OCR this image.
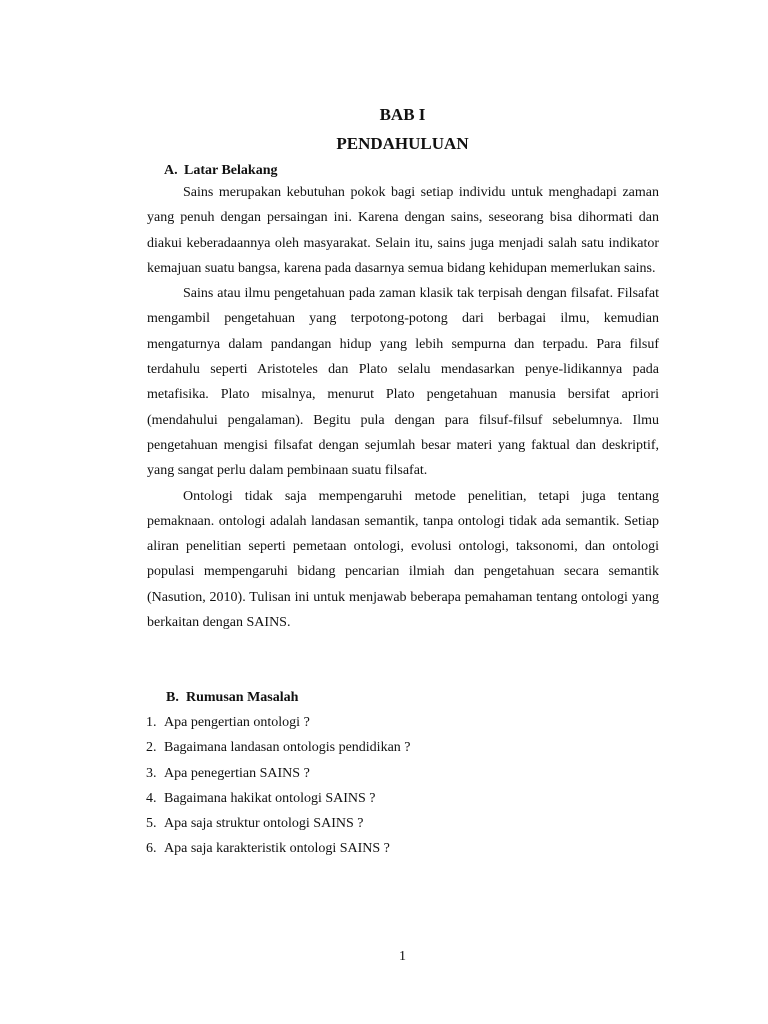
BAB I
PENDAHULUAN
A. Latar Belakang

Sains merupakan kebutuhan pokok bagi setiap individu untuk menghadapi zaman yang penuh dengan persaingan ini. Karena dengan sains, seseorang bisa dihormati dan diakui keberadaannya oleh masyarakat. Selain itu, sains juga menjadi salah satu indikator kemajuan suatu bangsa, karena pada dasarnya semua bidang kehidupan memerlukan sains.

Sains atau ilmu pengetahuan pada zaman klasik tak terpisah dengan filsafat. Filsafat mengambil pengetahuan yang terpotong-potong dari berbagai ilmu, kemudian mengaturnya dalam pandangan hidup yang lebih sempurna dan terpadu. Para filsuf terdahulu seperti Aristoteles dan Plato selalu mendasarkan penye-lidikannya pada metafisika. Plato misalnya, menurut Plato pengetahuan manusia bersifat apriori (mendahului pengalaman). Begitu pula dengan para filsuf-filsuf sebelumnya. Ilmu pengetahuan mengisi filsafat dengan sejumlah besar materi yang faktual dan deskriptif, yang sangat perlu dalam pembinaan suatu filsafat.

Ontologi tidak saja mempengaruhi metode penelitian, tetapi juga tentang pemaknaan. ontologi adalah landasan semantik, tanpa ontologi tidak ada semantik. Setiap aliran penelitian seperti pemetaan ontologi, evolusi ontologi, taksonomi, dan ontologi populasi mempengaruhi bidang pencarian ilmiah dan pengetahuan secara semantik (Nasution, 2010). Tulisan ini untuk menjawab beberapa pemahaman tentang ontologi yang berkaitan dengan SAINS.

B. Rumusan Masalah
1. Apa pengertian ontologi ?
2. Bagaimana landasan ontologis pendidikan ?
3. Apa penegertian SAINS ?
4. Bagaimana hakikat ontologi SAINS ?
5. Apa saja struktur ontologi SAINS ?
6. Apa saja karakteristik ontologi SAINS ?
1
